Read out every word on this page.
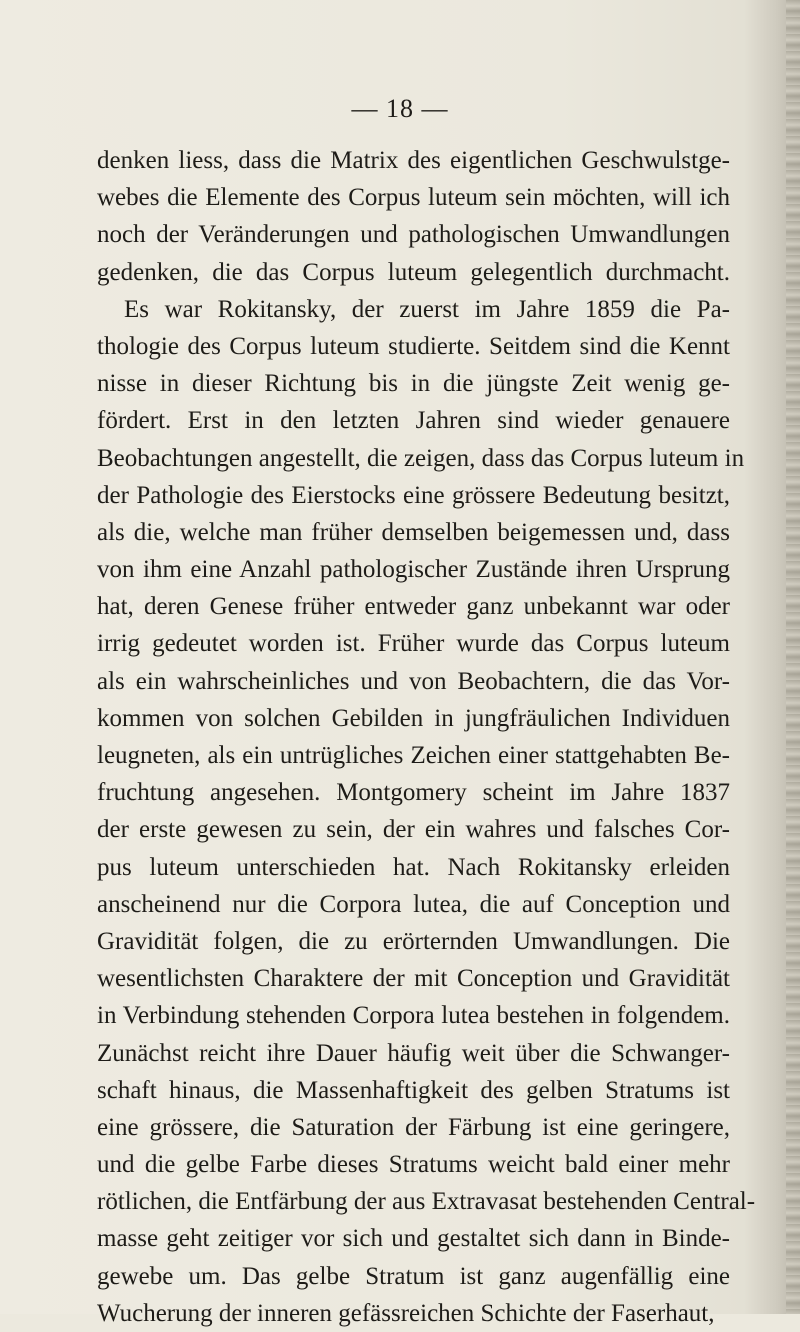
— 18 —
denken liess, dass die Matrix des eigentlichen Geschwulstge-
webes die Elemente des Corpus luteum sein möchten, will ich
noch der Veränderungen und pathologischen Umwandlungen
gedenken, die das Corpus luteum gelegentlich durchmacht.
Es war Rokitansky, der zuerst im Jahre 1859 die Pa-
thologie des Corpus luteum studierte. Seitdem sind die Kennt
nisse in dieser Richtung bis in die jüngste Zeit wenig ge-
fördert. Erst in den letzten Jahren sind wieder genauere
Beobachtungen angestellt, die zeigen, dass das Corpus luteum in
der Pathologie des Eierstocks eine grössere Bedeutung besitzt,
als die, welche man früher demselben beigemessen und, dass
von ihm eine Anzahl pathologischer Zustände ihren Ursprung
hat, deren Genese früher entweder ganz unbekannt war oder
irrig gedeutet worden ist. Früher wurde das Corpus luteum
als ein wahrscheinliches und von Beobachtern, die das Vor-
kommen von solchen Gebilden in jungfräulichen Individuen
leugneten, als ein untrügliches Zeichen einer stattgehabten Be-
fruchtung angesehen. Montgomery scheint im Jahre 1837
der erste gewesen zu sein, der ein wahres und falsches Cor-
pus luteum unterschieden hat. Nach Rokitansky erleiden
anscheinend nur die Corpora lutea, die auf Conception und
Gravidität folgen, die zu erörternden Umwandlungen. Die
wesentlichsten Charaktere der mit Conception und Gravidität
in Verbindung stehenden Corpora lutea bestehen in folgendem.
Zunächst reicht ihre Dauer häufig weit über die Schwanger-
schaft hinaus, die Massenhaftigkeit des gelben Stratums ist
eine grössere, die Saturation der Färbung ist eine geringere,
und die gelbe Farbe dieses Stratums weicht bald einer mehr
rötlichen, die Entfärbung der aus Extravasat bestehenden Central-
masse geht zeitiger vor sich und gestaltet sich dann in Binde-
gewebe um. Das gelbe Stratum ist ganz augenfällig eine
Wucherung der inneren gefässreichen Schichte der Faserhaut,
